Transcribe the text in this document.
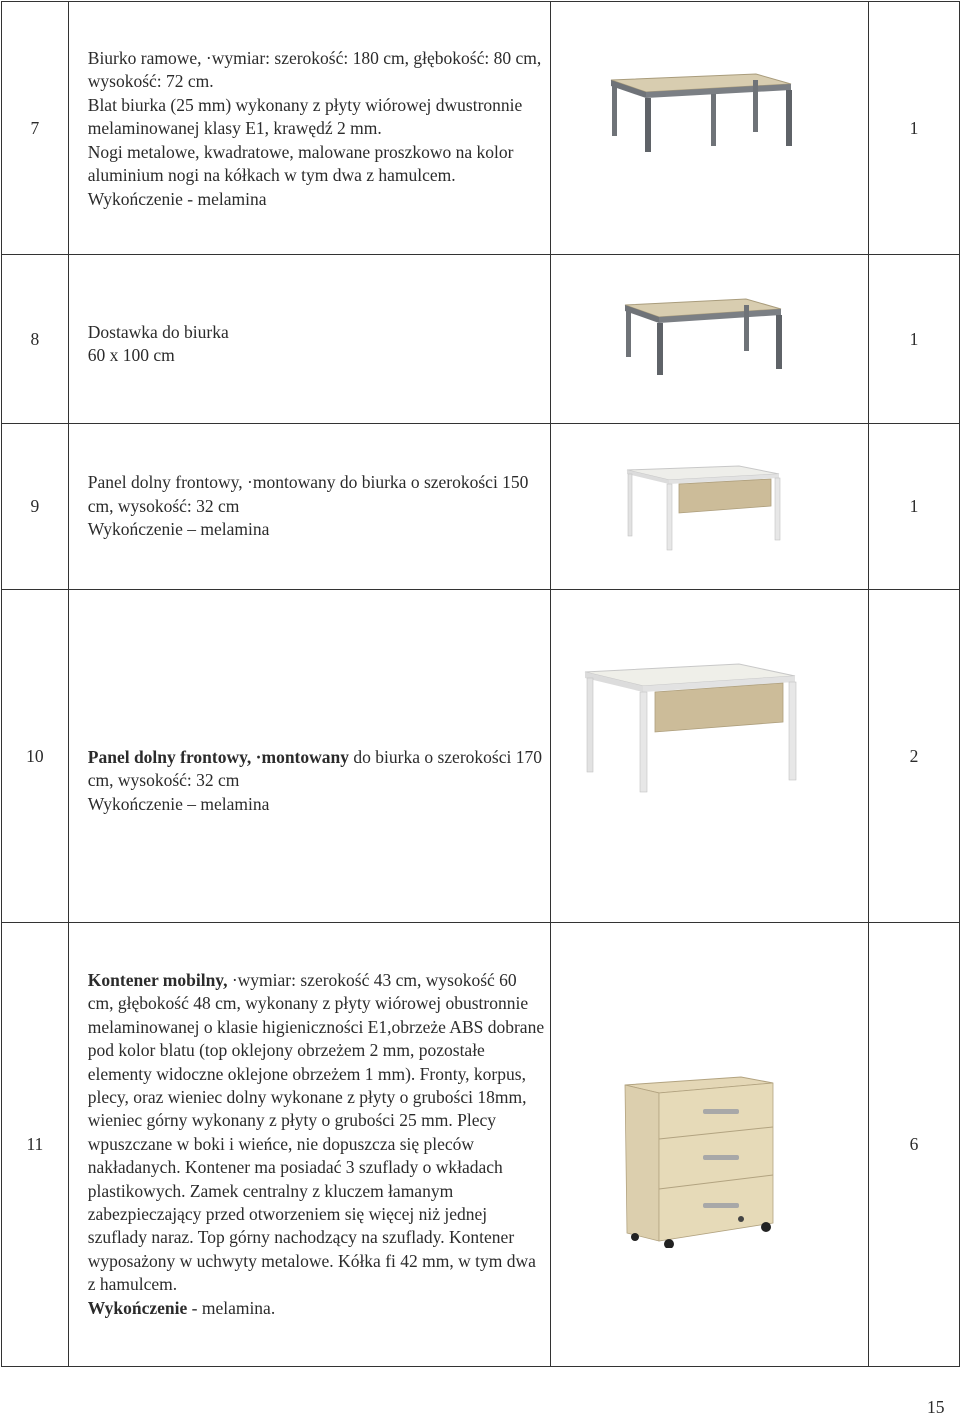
7	Biurko ramowe, ·wymiar: szerokość: 180 cm, głębokość: 80 cm, wysokość: 72 cm.

Blat biurka (25 mm) wykonany z płyty wiórowej dwustronnie melaminowanej klasy E1, krawędź 2 mm.

Nogi metalowe, kwadratowe, malowane proszkowo na kolor aluminium nogi na kółkach w tym dwa z hamulcem.

Wykończenie - melamina		1
8	Dostawka do biurka

60 x 100 cm		1
9	Panel dolny frontowy, ·montowany do biurka o szerokości 150 cm, wysokość: 32 cm

Wykończenie – melamina		1
10	Panel dolny frontowy, ·montowany do biurka o szerokości 170 cm, wysokość: 32 cm

Wykończenie – melamina		2
11	Kontener mobilny, ·wymiar: szerokość 43 cm, wysokość 60 cm, głębokość 48 cm, wykonany z płyty wiórowej obustronnie melaminowanej o klasie higieniczności E1,obrzeże ABS dobrane pod kolor blatu (top oklejony obrzeżem 2 mm, pozostałe elementy widoczne oklejone obrzeżem 1 mm). Fronty, korpus, plecy, oraz wieniec dolny wykonane z płyty o grubości 18mm, wieniec górny wykonany z płyty o grubości 25 mm. Plecy wpuszczane w boki i wieńce, nie dopuszcza się pleców nakładanych. Kontener ma posiadać 3 szuflady o wkładach plastikowych. Zamek centralny z kluczem łamanym zabezpieczający przed otworzeniem się więcej niż jednej szuflady naraz. Top górny nachodzący na szuflady. Kontener wyposażony w uchwyty metalowe. Kółka fi 42 mm, w tym dwa z hamulcem.

Wykończenie - melamina.		6
15
